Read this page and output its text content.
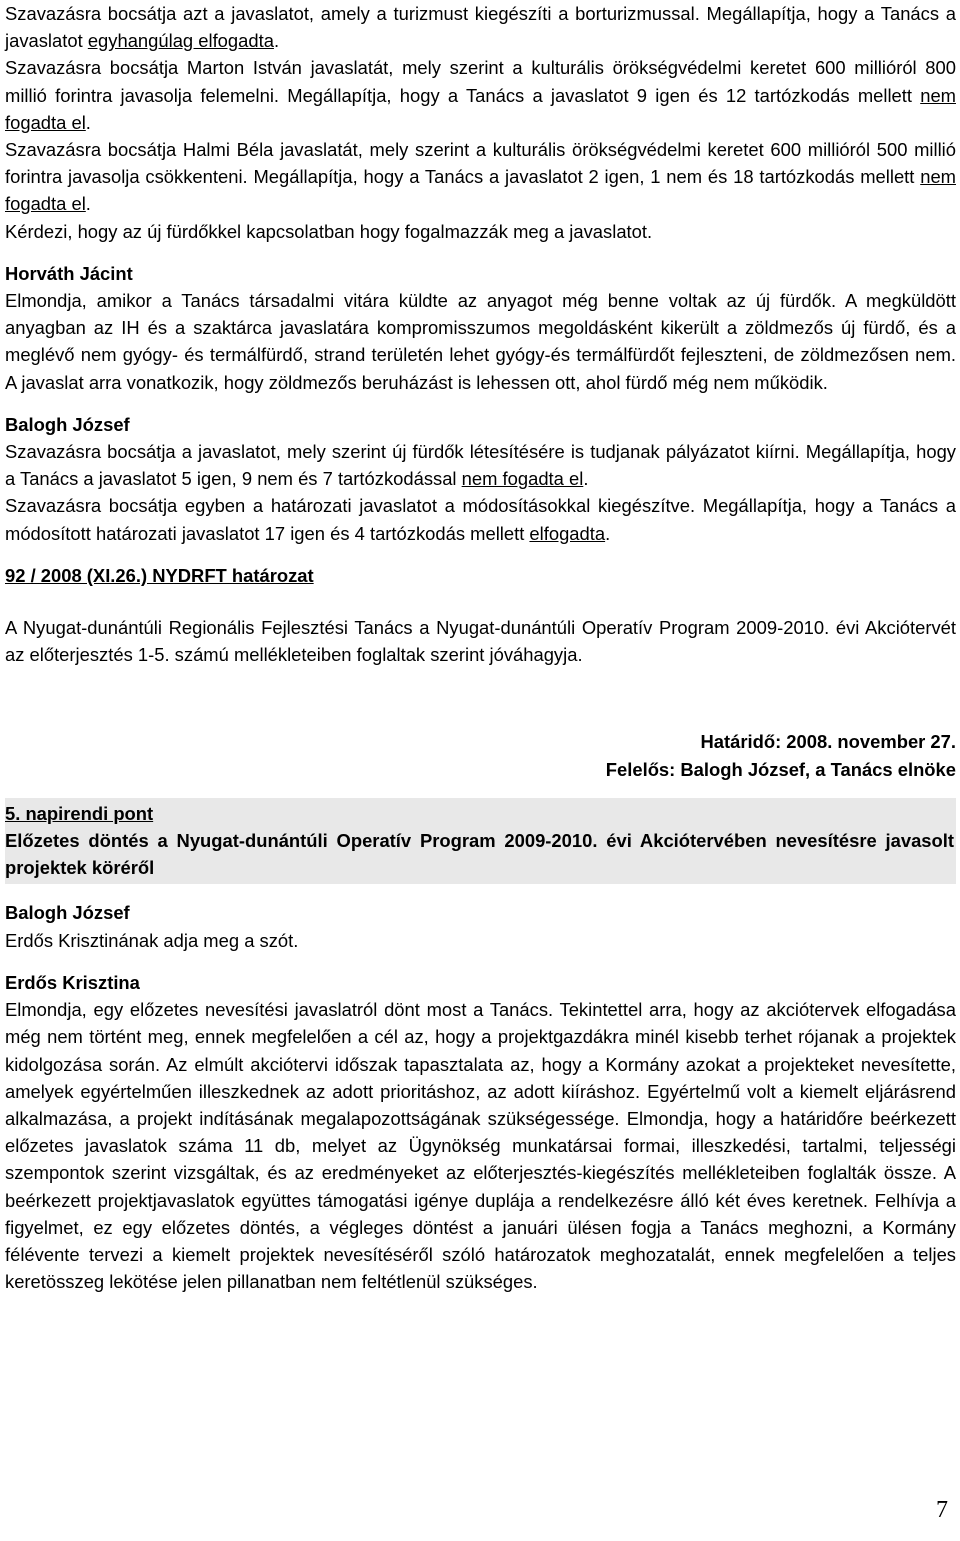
Szavazásra bocsátja azt a javaslatot, amely a turizmust kiegészíti a borturizmussal. Megállapítja, hogy a Tanács a javaslatot egyhangúlag elfogadta.

Szavazásra bocsátja Marton István javaslatát, mely szerint a kulturális örökségvédelmi keretet 600 millióról 800 millió forintra javasolja felemelni. Megállapítja, hogy a Tanács a javaslatot 9 igen és 12 tartózkodás mellett nem fogadta el.

Szavazásra bocsátja Halmi Béla javaslatát, mely szerint a kulturális örökségvédelmi keretet 600 millióról 500 millió forintra javasolja csökkenteni. Megállapítja, hogy a Tanács a javaslatot 2 igen, 1 nem és 18 tartózkodás mellett nem fogadta el.

Kérdezi, hogy az új fürdőkkel kapcsolatban hogy fogalmazzák meg a javaslatot.

Horváth Jácint

Elmondja, amikor a Tanács társadalmi vitára küldte az anyagot még benne voltak az új fürdők. A megküldött anyagban az IH és a szaktárca javaslatára kompromisszumos megoldásként kikerült a zöldmezős új fürdő, és a meglévő nem gyógy- és termálfürdő, strand területén lehet gyógy-és termálfürdőt fejleszteni, de zöldmezősen nem. A javaslat arra vonatkozik, hogy zöldmezős beruházást is lehessen ott, ahol fürdő még nem működik.

Balogh József

Szavazásra bocsátja a javaslatot, mely szerint új fürdők létesítésére is tudjanak pályázatot kiírni. Megállapítja, hogy a Tanács a javaslatot 5 igen, 9 nem és 7 tartózkodással nem fogadta el.

Szavazásra bocsátja egyben a határozati javaslatot a módosításokkal kiegészítve. Megállapítja, hogy a Tanács a módosított határozati javaslatot 17 igen és 4 tartózkodás mellett elfogadta.

92 / 2008 (XI.26.) NYDRFT határozat

A Nyugat-dunántúli Regionális Fejlesztési Tanács a Nyugat-dunántúli Operatív Program 2009-2010. évi Akciótervét az előterjesztés 1-5. számú mellékleteiben foglaltak szerint jóváhagyja.

Határidő: 2008. november 27.

Felelős: Balogh József, a Tanács elnöke

5. napirendi pont
Előzetes döntés a Nyugat-dunántúli Operatív Program 2009-2010. évi Akciótervében nevesítésre javasolt projektek köréről

Balogh József

Erdős Krisztinának adja meg a szót.

Erdős Krisztina

Elmondja, egy előzetes nevesítési javaslatról dönt most a Tanács. Tekintettel arra, hogy az akciótervek elfogadása még nem történt meg, ennek megfelelően a cél az, hogy a projektgazdákra minél kisebb terhet rójanak a projektek kidolgozása során. Az elmúlt akciótervi időszak tapasztalata az, hogy a Kormány azokat a projekteket nevesítette, amelyek egyértelműen illeszkednek az adott prioritáshoz, az adott kiíráshoz. Egyértelmű volt a kiemelt eljárásrend alkalmazása, a projekt indításának megalapozottságának szükségessége. Elmondja, hogy a határidőre beérkezett előzetes javaslatok száma 11 db, melyet az Ügynökség munkatársai formai, illeszkedési, tartalmi, teljességi szempontok szerint vizsgáltak, és az eredményeket az előterjesztés-kiegészítés mellékleteiben foglalták össze. A beérkezett projektjavaslatok együttes támogatási igénye duplája a rendelkezésre álló két éves keretnek. Felhívja a figyelmet, ez egy előzetes döntés, a végleges döntést a januári ülésen fogja a Tanács meghozni, a Kormány félévente tervezi a kiemelt projektek nevesítéséről szóló határozatok meghozatalát, ennek megfelelően a teljes keretösszeg lekötése jelen pillanatban nem feltétlenül szükséges.

7
